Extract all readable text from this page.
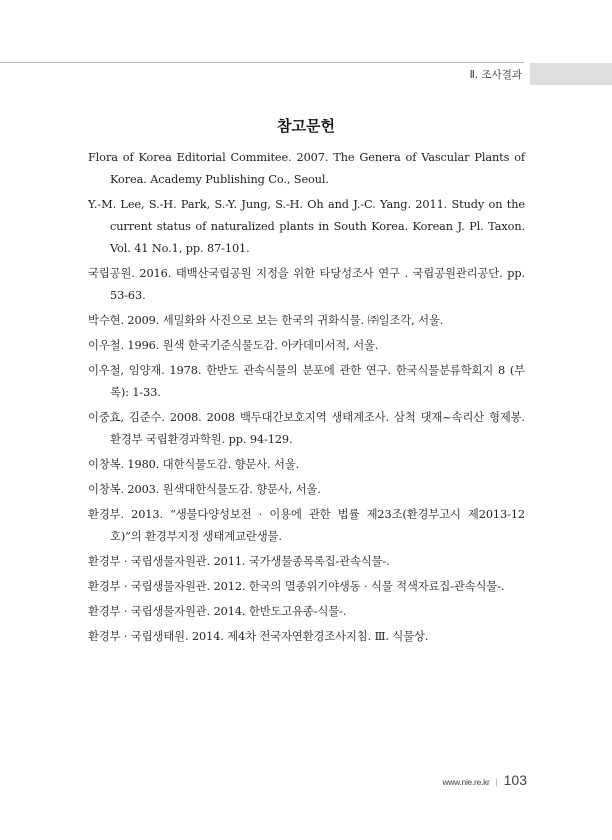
Ⅱ. 조사결과
참고문헌

Flora of Korea Editorial Commitee. 2007. The Genera of Vascular Plants of Korea. Academy Publishing Co., Seoul.

Y.-M. Lee, S.-H. Park, S.-Y. Jung, S.-H. Oh and J.-C. Yang. 2011. Study on the current status of naturalized plants in South Korea. Korean J. Pl. Taxon. Vol. 41 No.1, pp. 87-101.

국립공원. 2016. 태백산국립공원 지정을 위한 타당성조사 연구 . 국립공원관리공단. pp. 53-63.

박수현. 2009. 세밀화와 사진으로 보는 한국의 귀화식물. ㈜일조각, 서울.

이우철. 1996. 원색 한국기준식물도감. 아카데미서적, 서울.

이우철, 임양재. 1978. 한반도 관속식물의 분포에 관한 연구. 한국식물분류학회지 8 (부록): 1-33.

이중효, 김준수. 2008. 2008 백두대간보호지역 생태계조사. 삼척 댓재~속리산 형제봉. 환경부 국립환경과학원. pp. 94-129.

이창복. 1980. 대한식물도감. 향문사. 서울.

이창복. 2003. 원색대한식물도감. 향문사, 서울.

환경부. 2013. “생물다양성보전 · 이용에 관한 법률 제23조(환경부고시 제2013-12호)”의 환경부지정 생태계교란생물.

환경부 · 국립생물자원관. 2011. 국가생물종목록집-관속식물-.

환경부 · 국립생물자원관. 2012. 한국의 멸종위기야생동 · 식물 적색자료집-관속식물-.

환경부 · 국립생물자원관. 2014. 한반도고유종-식물-.

환경부 · 국립생태원. 2014. 제4차 전국자연환경조사지침. Ⅲ. 식물상.

www.nie.re.kr | 103
